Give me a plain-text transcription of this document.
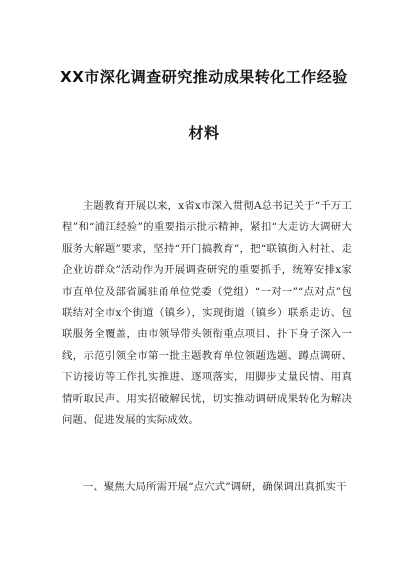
XX市深化调查研究推动成果转化工作经验
材料

主题教育开展以来，x省x市深入贯彻A总书记关于“千万工程”和“浦江经验”的重要指示批示精神，紧扣“大走访大调研大服务大解题”要求，坚持“开门搞教育”，把“联镇街入村社、走企业访群众”活动作为开展调查研究的重要抓手，统筹安排x家市直单位及部省属驻甬单位党委（党组）“一对一”“点对点”包联结对全市x个街道（镇乡），实现街道（镇乡）联系走访、包联服务全覆盖，由市领导带头领衔重点项目、扑下身子深入一线，示范引领全市第一批主题教育单位领题选题、蹲点调研、下访接访等工作扎实推进、逐项落实，用脚步丈量民情、用真情听取民声、用实招破解民忧，切实推动调研成果转化为解决问题、促进发展的实际成效。

一、聚焦大局所需开展“点穴式”调研，确保调出真抓实干
